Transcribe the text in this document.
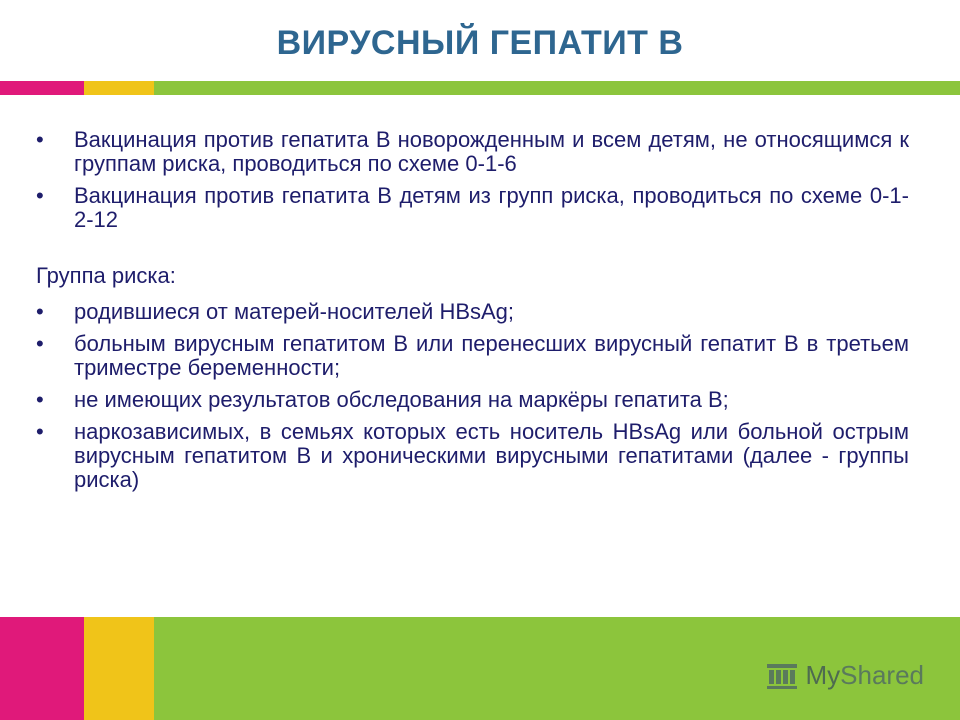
ВИРУСНЫЙ ГЕПАТИТ В
• Вакцинация против гепатита В новорожденным и всем детям, не относящимся к группам риска, проводиться по схеме 0-1-6
• Вакцинация против гепатита В детям из групп риска, проводиться по схеме 0-1-2-12
Группа риска:
• родившиеся от матерей-носителей HBsAg;
• больным вирусным гепатитом В или перенесших вирусный гепатит В в третьем триместре беременности;
• не имеющих результатов обследования на маркёры гепатита В;
• наркозависимых, в семьях которых есть носитель HBsAg или больной острым вирусным гепатитом В и хроническими вирусными гепатитами (далее - группы риска)
My Shared
